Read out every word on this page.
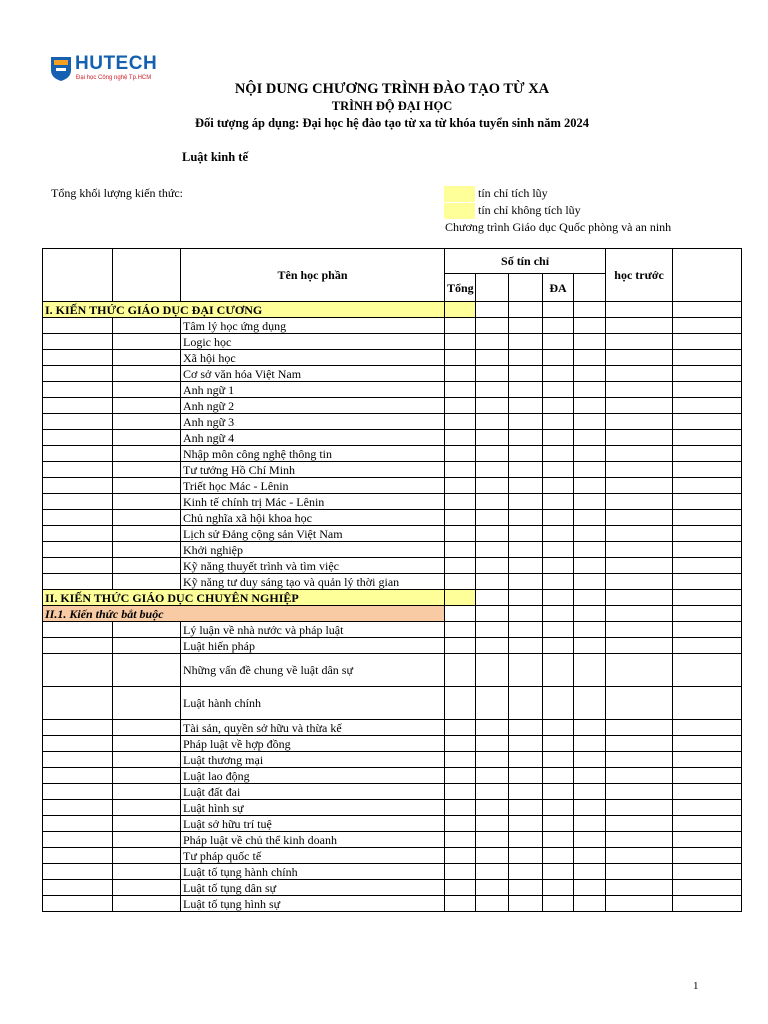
HUTECH
Đại học Công nghệ Tp.HCM
NỘI DUNG CHƯƠNG TRÌNH ĐÀO TẠO TỪ XA
TRÌNH ĐỘ ĐẠI HỌC
Đối tượng áp dụng: Đại học hệ đào tạo từ xa từ khóa tuyển sinh năm 2024
Luật kinh tế
Tổng khối lượng kiến thức:	tín chỉ tích lũy
tín chỉ không tích lũy
Chương trình Giáo dục Quốc phòng và an ninh
		Tên học phần	Số tín chỉ					học trước	
			Tổng			ĐA			
I. KIẾN THỨC GIÁO DỤC ĐẠI CƯƠNG									
		Tâm lý học ứng dụng							
		Logic học							
		Xã hội học							
		Cơ sở văn hóa Việt Nam							
		Anh ngữ 1							
		Anh ngữ 2							
		Anh ngữ 3							
		Anh ngữ 4							
		Nhập môn công nghệ thông tin							
		Tư tưởng Hồ Chí Minh							
		Triết học Mác - Lênin							
		Kinh tế chính trị Mác - Lênin							
		Chủ nghĩa xã hội khoa học							
		Lịch sử Đảng cộng sản Việt Nam							
		Khởi nghiệp							
		Kỹ năng thuyết trình và tìm việc							
		Kỹ năng tư duy sáng tạo và quản lý thời gian							
II. KIẾN THỨC GIÁO DỤC CHUYÊN NGHIỆP									
II.1. Kiến thức bắt buộc									
		Lý luận về nhà nước và pháp luật							
		Luật hiến pháp							
		Những vấn đề chung về luật dân sự							
		Luật hành chính							
		Tài sản, quyền sở hữu và thừa kế							
		Pháp luật về hợp đồng							
		Luật thương mại							
		Luật lao động							
		Luật đất đai							
		Luật hình sự							
		Luật sở hữu trí tuệ							
		Pháp luật về chủ thể kinh doanh							
		Tư pháp quốc tế							
		Luật tố tụng hành chính							
		Luật tố tụng dân sự							
		Luật tố tụng hình sự							
1
